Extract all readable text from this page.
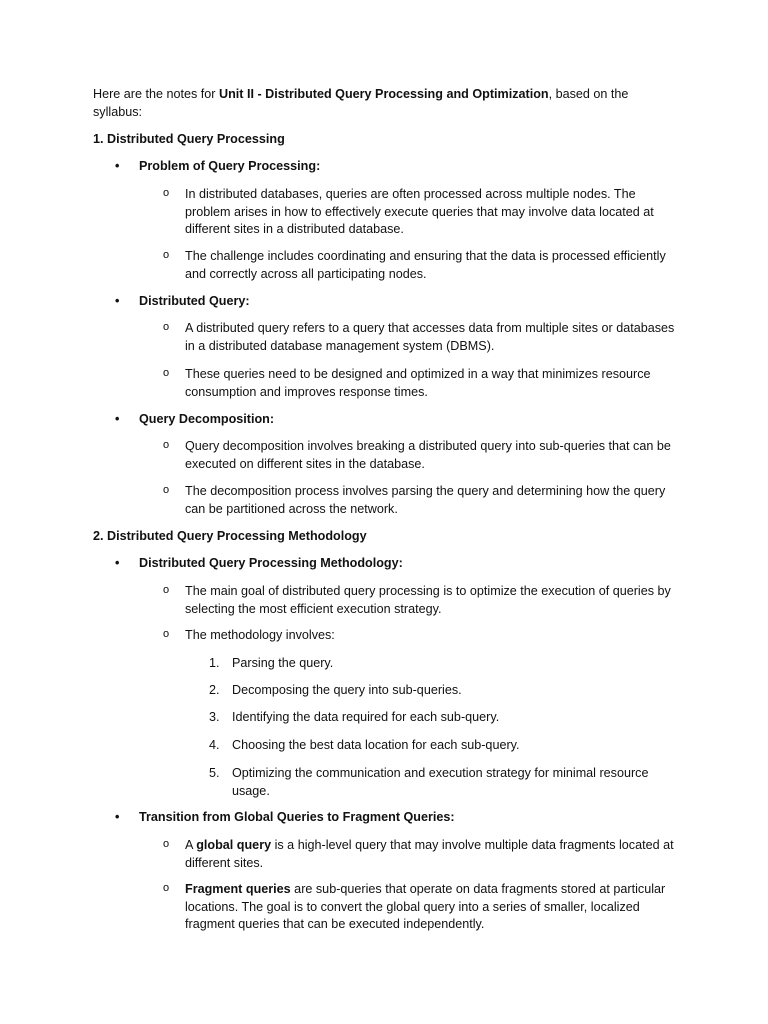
Here are the notes for Unit II - Distributed Query Processing and Optimization, based on the syllabus:

1. Distributed Query Processing

• Problem of Query Processing:
o In distributed databases, queries are often processed across multiple nodes. The problem arises in how to effectively execute queries that may involve data located at different sites in a distributed database.
o The challenge includes coordinating and ensuring that the data is processed efficiently and correctly across all participating nodes.
• Distributed Query:
o A distributed query refers to a query that accesses data from multiple sites or databases in a distributed database management system (DBMS).
o These queries need to be designed and optimized in a way that minimizes resource consumption and improves response times.
• Query Decomposition:
o Query decomposition involves breaking a distributed query into sub-queries that can be executed on different sites in the database.
o The decomposition process involves parsing the query and determining how the query can be partitioned across the network.

2. Distributed Query Processing Methodology

• Distributed Query Processing Methodology:
o The main goal of distributed query processing is to optimize the execution of queries by selecting the most efficient execution strategy.
o The methodology involves:
1. Parsing the query.
2. Decomposing the query into sub-queries.
3. Identifying the data required for each sub-query.
4. Choosing the best data location for each sub-query.
5. Optimizing the communication and execution strategy for minimal resource usage.
• Transition from Global Queries to Fragment Queries:
o A global query is a high-level query that may involve multiple data fragments located at different sites.
o Fragment queries are sub-queries that operate on data fragments stored at particular locations. The goal is to convert the global query into a series of smaller, localized fragment queries that can be executed independently.
